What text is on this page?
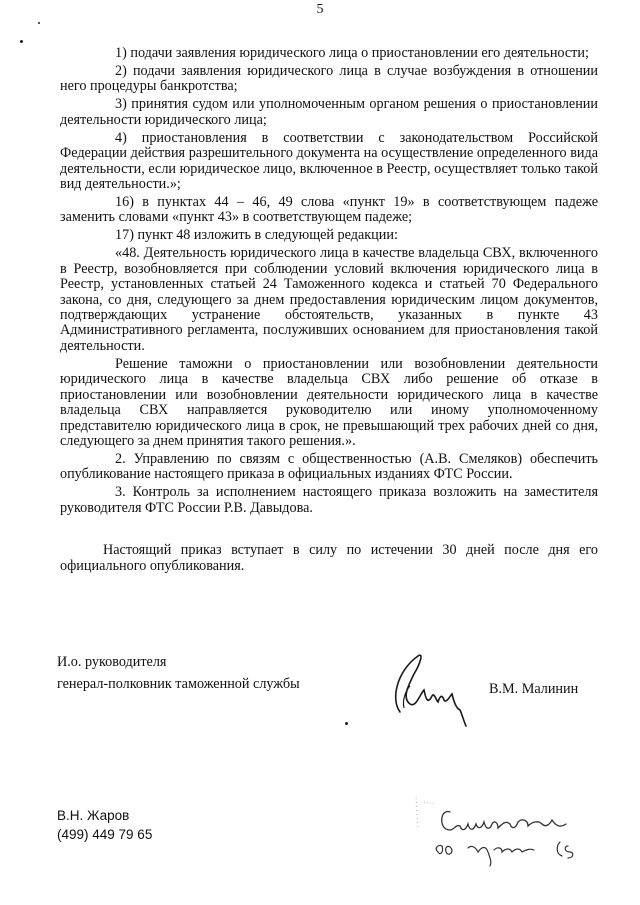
5

1) подачи заявления юридического лица о приостановлении его деятельности;

2) подачи заявления юридического лица в случае возбуждения в отношении него процедуры банкротства;

3) принятия судом или уполномоченным органом решения о приостановлении деятельности юридического лица;

4) приостановления в соответствии с законодательством Российской Федерации действия разрешительного документа на осуществление определенного вида деятельности, если юридическое лицо, включенное в Реестр, осуществляет только такой вид деятельности.»;

16) в пунктах 44 – 46, 49 слова «пункт 19» в соответствующем падеже заменить словами «пункт 43» в соответствующем падеже;

17) пункт 48 изложить в следующей редакции:

«48. Деятельность юридического лица в качестве владельца СВХ, включенного в Реестр, возобновляется при соблюдении условий включения юридического лица в Реестр, установленных статьей 24 Таможенного кодекса и статьей 70 Федерального закона, со дня, следующего за днем предоставления юридическим лицом документов, подтверждающих устранение обстоятельств, указанных в пункте 43 Административного регламента, послуживших основанием для приостановления такой деятельности.

Решение таможни о приостановлении или возобновлении деятельности юридического лица в качестве владельца СВХ либо решение об отказе в приостановлении или возобновлении деятельности юридического лица в качестве владельца СВХ направляется руководителю или иному уполномоченному представителю юридического лица в срок, не превышающий трех рабочих дней со дня, следующего за днем принятия такого решения.».

2. Управлению по связям с общественностью (А.В. Смеляков) обеспечить опубликование настоящего приказа в официальных изданиях ФТС России.

3. Контроль за исполнением настоящего приказа возложить на заместителя руководителя ФТС России Р.В. Давыдова.

Настоящий приказ вступает в силу по истечении 30 дней после дня его официального опубликования.

И.о. руководителя
генерал-полковник таможенной службы	В.М. Малинин
В.Н. Жаров
(499) 449 79 65
